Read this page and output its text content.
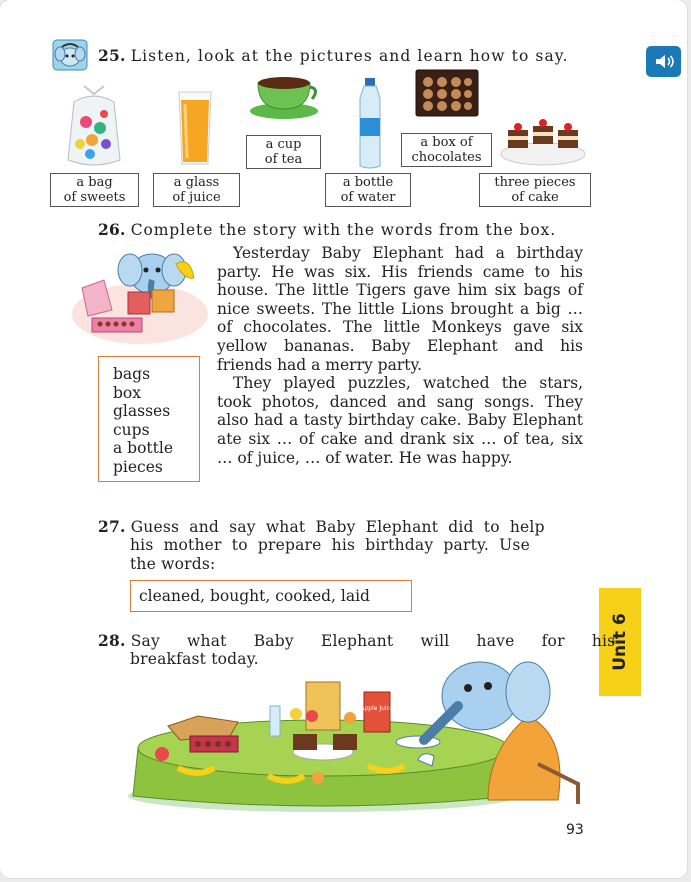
25. Listen, look at the pictures and learn how to say.
a bag
of sweets
a glass
of juice
a cup
of tea
a bottle
of water
a box of
chocolates
three pieces
of cake
26. Complete the story with the words from the box.

Yesterday Baby Elephant had a birthday party. He was six. His friends came to his house. The little Tigers gave him six bags of nice sweets. The little Lions brought a big … of chocolates. The little Monkeys gave six yellow bananas. Baby Elephant and his friends had a merry party.

They played puzzles, watched the stars, took photos, danced and sang songs. They also had a tasty birthday cake. Baby Elephant ate six … of cake and drank six … of tea, six … of juice, … of water. He was happy.

bags
box
glasses
cups
a bottle
pieces
27. Guess and say what Baby Elephant did to help
his mother to prepare his birthday party. Use
the words:
cleaned, bought, cooked, laid
Unit 6
28. Say what Baby Elephant will have for his
breakfast today.
Apple Juice
93
